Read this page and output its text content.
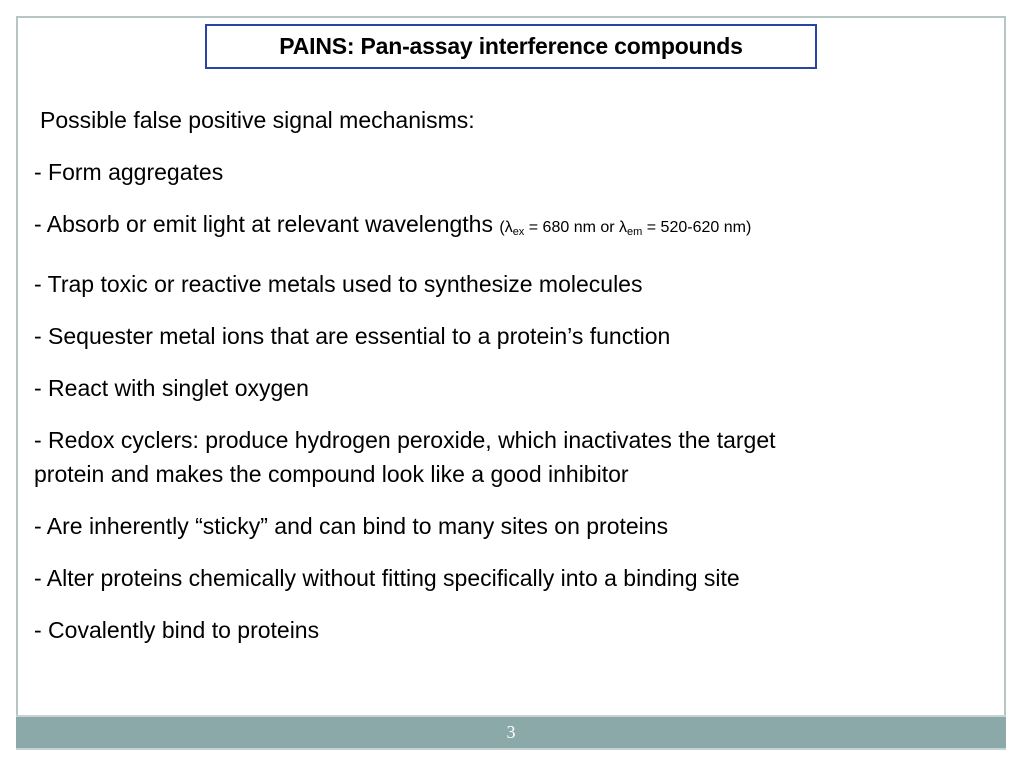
PAINS: Pan-assay interference compounds

Possible false positive signal mechanisms:

- Form aggregates

- Absorb or emit light at relevant wavelengths ($\lambda_{ex} = 680$ nm or $\lambda_{em} = 520-620$ nm)

- Trap toxic or reactive metals used to synthesize molecules

- Sequester metal ions that are essential to a protein’s function

- React with singlet oxygen

- Redox cyclers: produce hydrogen peroxide, which inactivates the target

protein and makes the compound look like a good inhibitor

- Are inherently “sticky” and can bind to many sites on proteins

- Alter proteins chemically without fitting specifically into a binding site

- Covalently bind to proteins

3
